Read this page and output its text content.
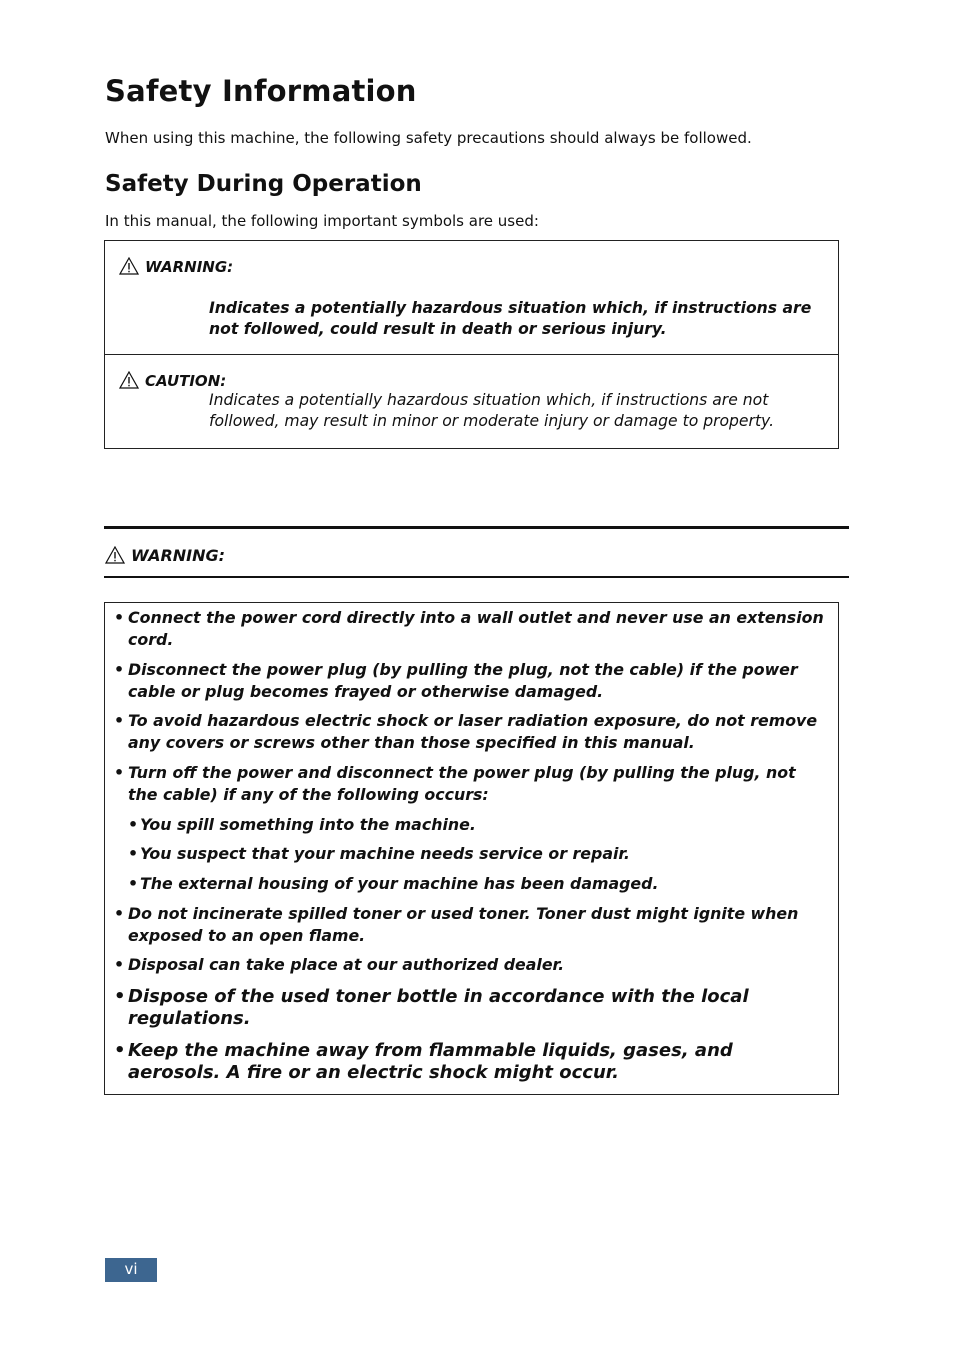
Safety Information
When using this machine, the following safety precautions should always be followed.
Safety During Operation
In this manual, the following important symbols are used:
WARNING:
Indicates a potentially hazardous situation which, if instructions are not followed, could result in death or serious injury.
CAUTION:
Indicates a potentially hazardous situation which, if instructions are not followed, may result in minor or moderate injury or damage to property.
WARNING:
• Connect the power cord directly into a wall outlet and never use an extension cord.
• Disconnect the power plug (by pulling the plug, not the cable) if the power cable or plug becomes frayed or otherwise damaged.
• To avoid hazardous electric shock or laser radiation exposure, do not remove any covers or screws other than those specified in this manual.
• Turn off the power and disconnect the power plug (by pulling the plug, not the cable) if any of the following occurs:
• You spill something into the machine.
• You suspect that your machine needs service or repair.
• The external housing of your machine has been damaged.
• Do not incinerate spilled toner or used toner. Toner dust might ignite when exposed to an open flame.
• Disposal can take place at our authorized dealer.
• Dispose of the used toner bottle in accordance with the local regulations.
• Keep the machine away from flammable liquids, gases, and aerosols. A fire or an electric shock might occur.
vi
